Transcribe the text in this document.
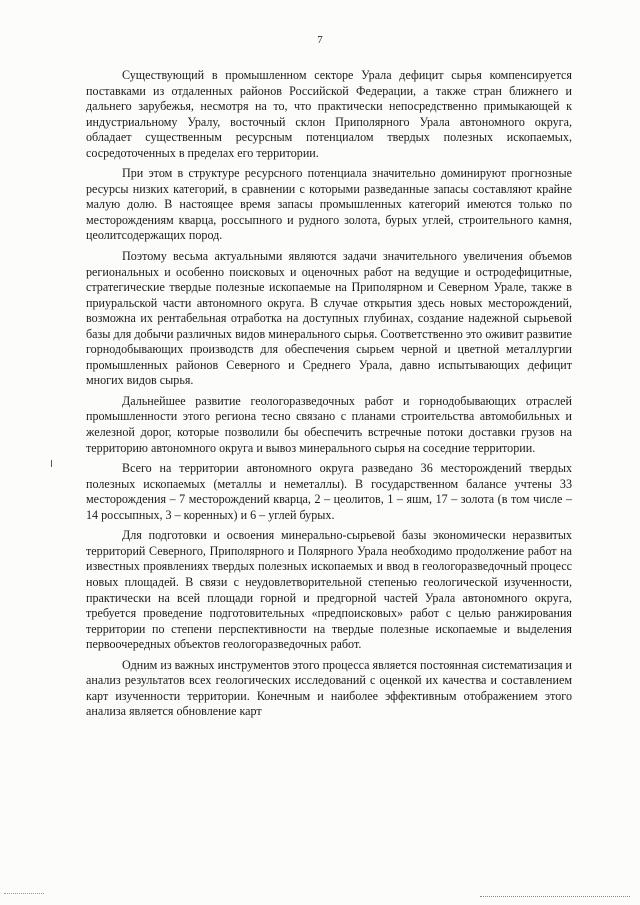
7

Существующий в промышленном секторе Урала дефицит сырья компенсируется поставками из отдаленных районов Российской Федерации, а также стран ближнего и дальнего зарубежья, несмотря на то, что практически непосредственно примыкающей к индустриальному Уралу, восточный склон Приполярного Урала автономного округа, обладает существенным ресурсным потенциалом твердых полезных ископаемых, сосредоточенных в пределах его территории.

При этом в структуре ресурсного потенциала значительно доминируют прогнозные ресурсы низких категорий, в сравнении с которыми разведанные запасы составляют крайне малую долю. В настоящее время запасы промышленных категорий имеются только по месторождениям кварца, россыпного и рудного золота, бурых углей, строительного камня, цеолитсодержащих пород.

Поэтому весьма актуальными являются задачи значительного увеличения объемов региональных и особенно поисковых и оценочных работ на ведущие и остродефицитные, стратегические твердые полезные ископаемые на Приполярном и Северном Урале, также в приуральской части автономного округа. В случае открытия здесь новых месторождений, возможна их рентабельная отработка на доступных глубинах, создание надежной сырьевой базы для добычи различных видов минерального сырья. Соответственно это оживит развитие горнодобывающих производств для обеспечения сырьем черной и цветной металлургии промышленных районов Северного и Среднего Урала, давно испытывающих дефицит многих видов сырья.

Дальнейшее развитие геологоразведочных работ и горнодобывающих отраслей промышленности этого региона тесно связано с планами строительства автомобильных и железной дорог, которые позволили бы обеспечить встречные потоки доставки грузов на территорию автономного округа и вывоз минерального сырья на соседние территории.

Всего на территории автономного округа разведано 36 месторождений твердых полезных ископаемых (металлы и неметаллы). В государственном балансе учтены 33 месторождения – 7 месторождений кварца, 2 – цеолитов, 1 – яшм, 17 – золота (в том числе – 14 россыпных, 3 – коренных) и 6 – углей бурых.

Для подготовки и освоения минерально-сырьевой базы экономически неразвитых территорий Северного, Приполярного и Полярного Урала необходимо продолжение работ на известных проявлениях твердых полезных ископаемых и ввод в геологоразведочный процесс новых площадей. В связи с неудовлетворительной степенью геологической изученности, практически на всей площади горной и предгорной частей Урала автономного округа, требуется проведение подготовительных «предпоисковых» работ с целью ранжирования территории по степени перспективности на твердые полезные ископаемые и выделения первоочередных объектов геологоразведочных работ.

Одним из важных инструментов этого процесса является постоянная систематизация и анализ результатов всех геологических исследований с оценкой их качества и составлением карт изученности территории. Конечным и наиболее эффективным отображением этого анализа является обновление карт
